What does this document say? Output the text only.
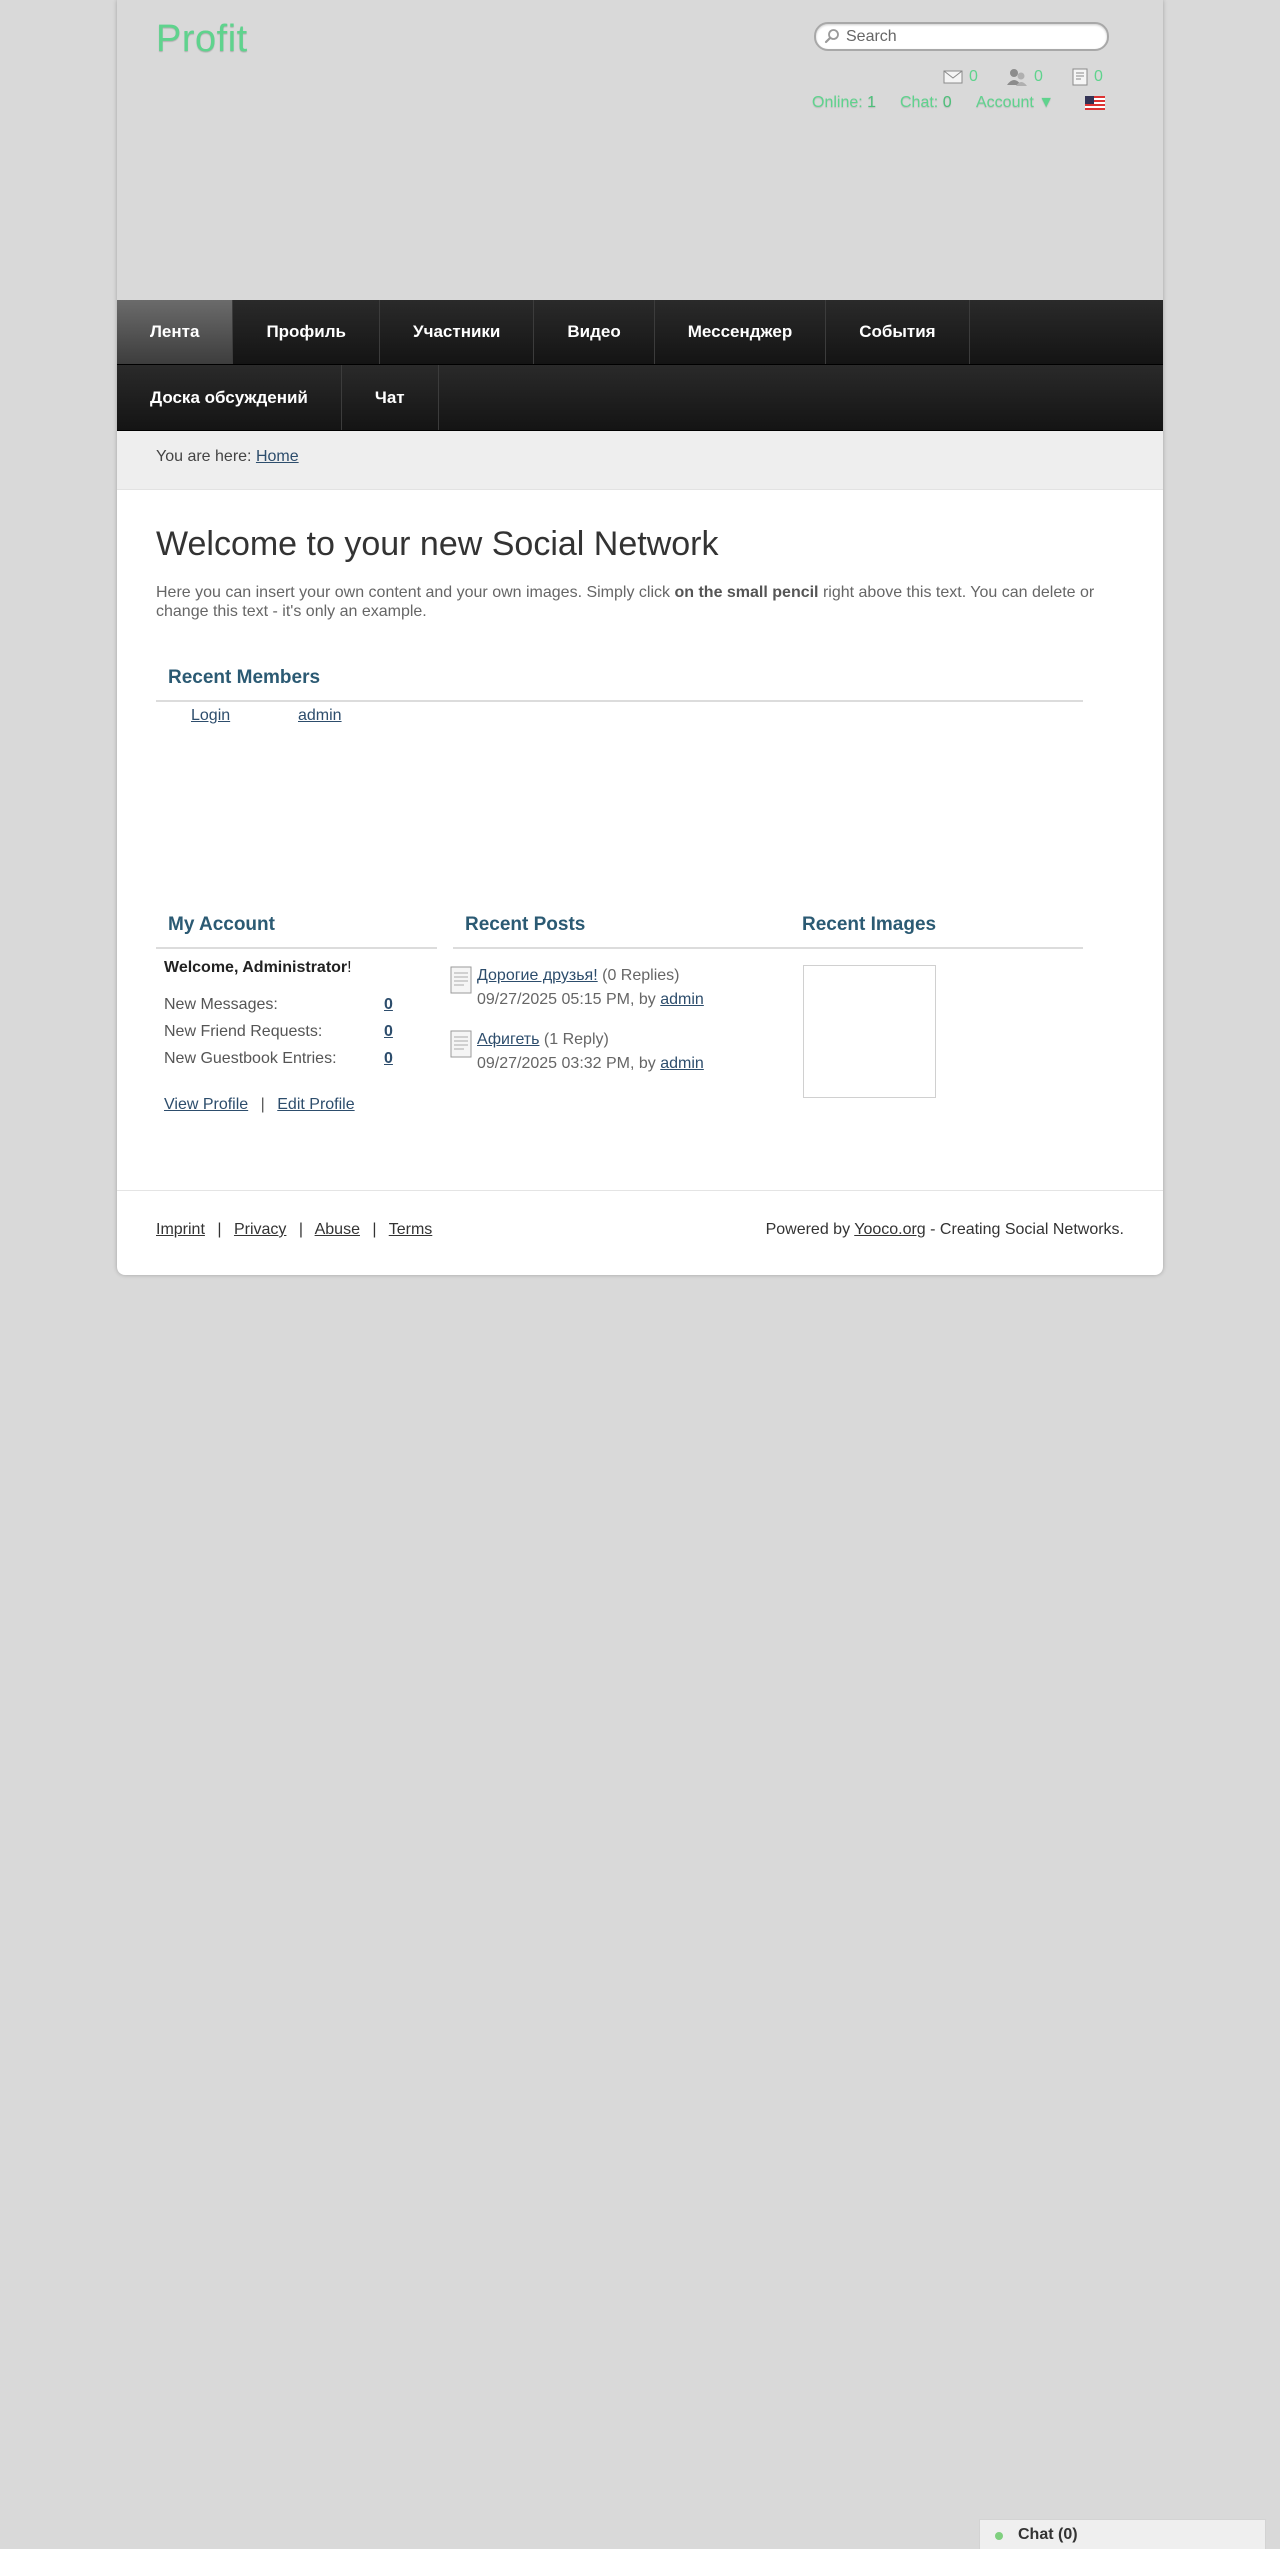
Profit
Search
0	0	0
Online: 1 Chat: 0 Account ▼
Лента	Профиль	Участники	Видео	Мессенджер	События
Доска обсуждений	Чат
You are here: Home
Welcome to your new Social Network
Here you can insert your own content and your own images. Simply click on the small pencil right above this text. You can delete or change this text - it's only an example.
Recent Members
Login	admin
My Account
Welcome, Administrator!
New Messages:	0
New Friend Requests:	0
New Guestbook Entries:	0
View Profile | Edit Profile
Recent Posts
Дорогие друзья! (0 Replies)
09/27/2025 05:15 PM, by admin
Афигеть (1 Reply)
09/27/2025 03:32 PM, by admin
Recent Images
Imprint | Privacy | Abuse | Terms	Powered by Yooco.org - Creating Social Networks.
Chat (0)
